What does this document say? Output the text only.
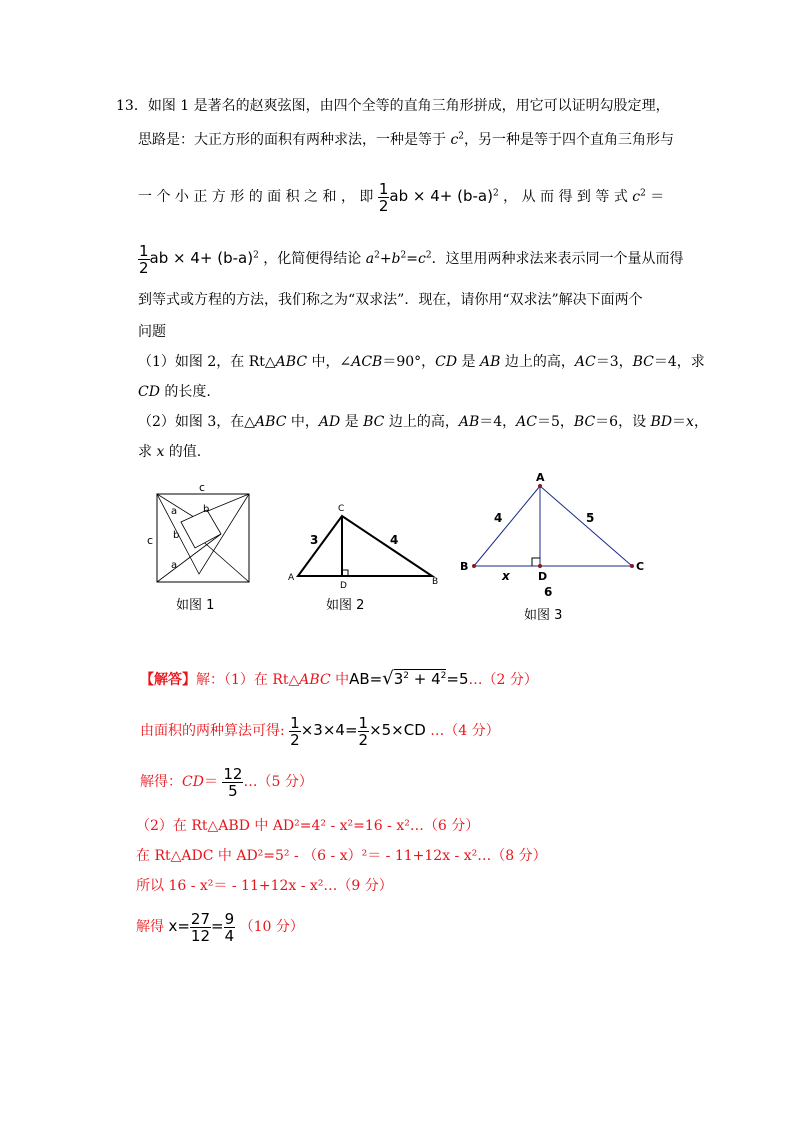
13．如图 1 是著名的赵爽弦图，由四个全等的直角三角形拼成，用它可以证明勾股定理，
思路是：大正方形的面积有两种求法，一种是等于 $c^2$，另一种是等于四个直角三角形与
一 个 小 正 方 形 的 面 积 之 和 ， 即 $\frac{1}{2}$ ab × $4+ (b-a)^2$ ， 从 而 得 到 等 式 $c^2$ ＝
$\frac{1}{2}$ ab × $4+ (b-a)^2$ ，化简便得结论 $a^2+b^2=c^2$．这里用两种求法来表示同一个量从而得
到等式或方程的方法，我们称之为“双求法”．现在，请你用“双求法”解决下面两个
问题
（1）如图 2，在 Rt△ABC 中，∠ACB＝90°，CD 是 AB 边上的高，AC＝3，BC＝4，求
CD 的长度.
（2）如图 3，在△ABC 中，AD 是 BC 边上的高，AB＝4，AC＝5，BC＝6，设 BD＝x，
求 x 的值.
c
c
a	b
b
a
如图 1
A	B
C
D
3	4
如图 2
A
B	C
D
4	5
x
6
如图 3
【解答】解：（1）在 Rt△ABC 中$AB=√3^2$ + $4^2=5\dots(2$ 分）
由面积的两种算法可得: $\frac{1}{2} \times 3\times 4= \frac{1}{2} \times 5\times CD$ …（4 分）
解得：$CD= \frac{12}{5}$ …（5 分）
（2）在 Rt△ABD 中 AD²=4² - x²=16 - x²…（6 分）
在 Rt△ADC 中 AD²=5² - （6 - x）²＝ - 11+12x - x²…（8 分）
所以 16 - x²＝ - 11+12x - x²…（9 分）
解得 $x= \frac{27}{12} = \frac{9}{4} (10$ 分）
